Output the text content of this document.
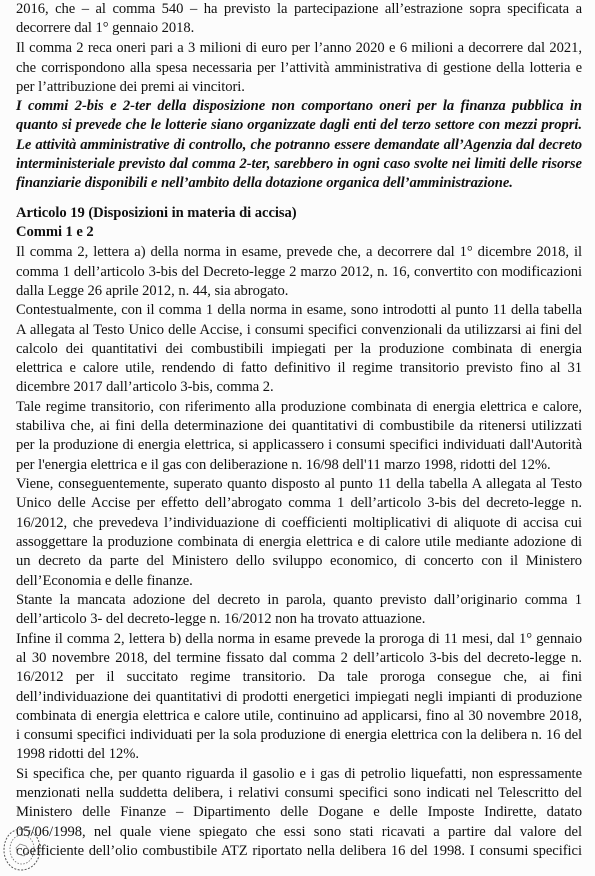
2016, che – al comma 540 – ha previsto la partecipazione all’estrazione sopra specificata a
decorrere dal 1° gennaio 2018.
Il comma 2 reca oneri pari a 3 milioni di euro per l’anno 2020 e 6 milioni a decorrere dal 2021,
che corrispondono alla spesa necessaria per l’attività amministrativa di gestione della lotteria e
per l’attribuzione dei premi ai vincitori.
I commi 2-bis e 2-ter della disposizione non comportano oneri per la finanza pubblica in
quanto si prevede che le lotterie siano organizzate dagli enti del terzo settore con mezzi propri.
Le attività amministrative di controllo, che potranno essere demandate all’Agenzia dal decreto
interministeriale previsto dal comma 2-ter, sarebbero in ogni caso svolte nei limiti delle risorse
finanziarie disponibili e nell’ambito della dotazione organica dell’amministrazione.
Articolo 19 (Disposizioni in materia di accisa)
Commi 1 e 2
Il comma 2, lettera a) della norma in esame, prevede che, a decorrere dal 1° dicembre 2018, il
comma 1 dell’articolo 3-bis del Decreto-legge 2 marzo 2012, n. 16, convertito con modificazioni
dalla Legge 26 aprile 2012, n. 44, sia abrogato.
Contestualmente, con il comma 1 della norma in esame, sono introdotti al punto 11 della tabella
A allegata al Testo Unico delle Accise, i consumi specifici convenzionali da utilizzarsi ai fini del
calcolo dei quantitativi dei combustibili impiegati per la produzione combinata di energia
elettrica e calore utile, rendendo di fatto definitivo il regime transitorio previsto fino al 31
dicembre 2017 dall’articolo 3-bis, comma 2.
Tale regime transitorio, con riferimento alla produzione combinata di energia elettrica e calore,
stabiliva che, ai fini della determinazione dei quantitativi di combustibile da ritenersi utilizzati
per la produzione di energia elettrica, si applicassero i consumi specifici individuati dall'Autorità
per l'energia elettrica e il gas con deliberazione n. 16/98 dell'11 marzo 1998, ridotti del 12%.
Viene, conseguentemente, superato quanto disposto al punto 11 della tabella A allegata al Testo
Unico delle Accise per effetto dell’abrogato comma 1 dell’articolo 3-bis del decreto-legge n.
16/2012, che prevedeva l’individuazione di coefficienti moltiplicativi di aliquote di accisa cui
assoggettare la produzione combinata di energia elettrica e di calore utile mediante adozione di
un decreto da parte del Ministero dello sviluppo economico, di concerto con il Ministero
dell’Economia e delle finanze.
Stante la mancata adozione del decreto in parola, quanto previsto dall’originario comma 1
dell’articolo 3- del decreto-legge n. 16/2012 non ha trovato attuazione.
Infine il comma 2, lettera b) della norma in esame prevede la proroga di 11 mesi, dal 1° gennaio
al 30 novembre 2018, del termine fissato dal comma 2 dell’articolo 3-bis del decreto-legge n.
16/2012 per il succitato regime transitorio. Da tale proroga consegue che, ai fini
dell’individuazione dei quantitativi di prodotti energetici impiegati negli impianti di produzione
combinata di energia elettrica e calore utile, continuino ad applicarsi, fino al 30 novembre 2018,
i consumi specifici individuati per la sola produzione di energia elettrica con la delibera n. 16 del
1998 ridotti del 12%.
Si specifica che, per quanto riguarda il gasolio e i gas di petrolio liquefatti, non espressamente
menzionati nella suddetta delibera, i relativi consumi specifici sono indicati nel Telescritto del
Ministero delle Finanze – Dipartimento delle Dogane e delle Imposte Indirette, datato
05/06/1998, nel quale viene spiegato che essi sono stati ricavati a partire dal valore del
coefficiente dell’olio combustibile ATZ riportato nella delibera 16 del 1998. I consumi specifici
